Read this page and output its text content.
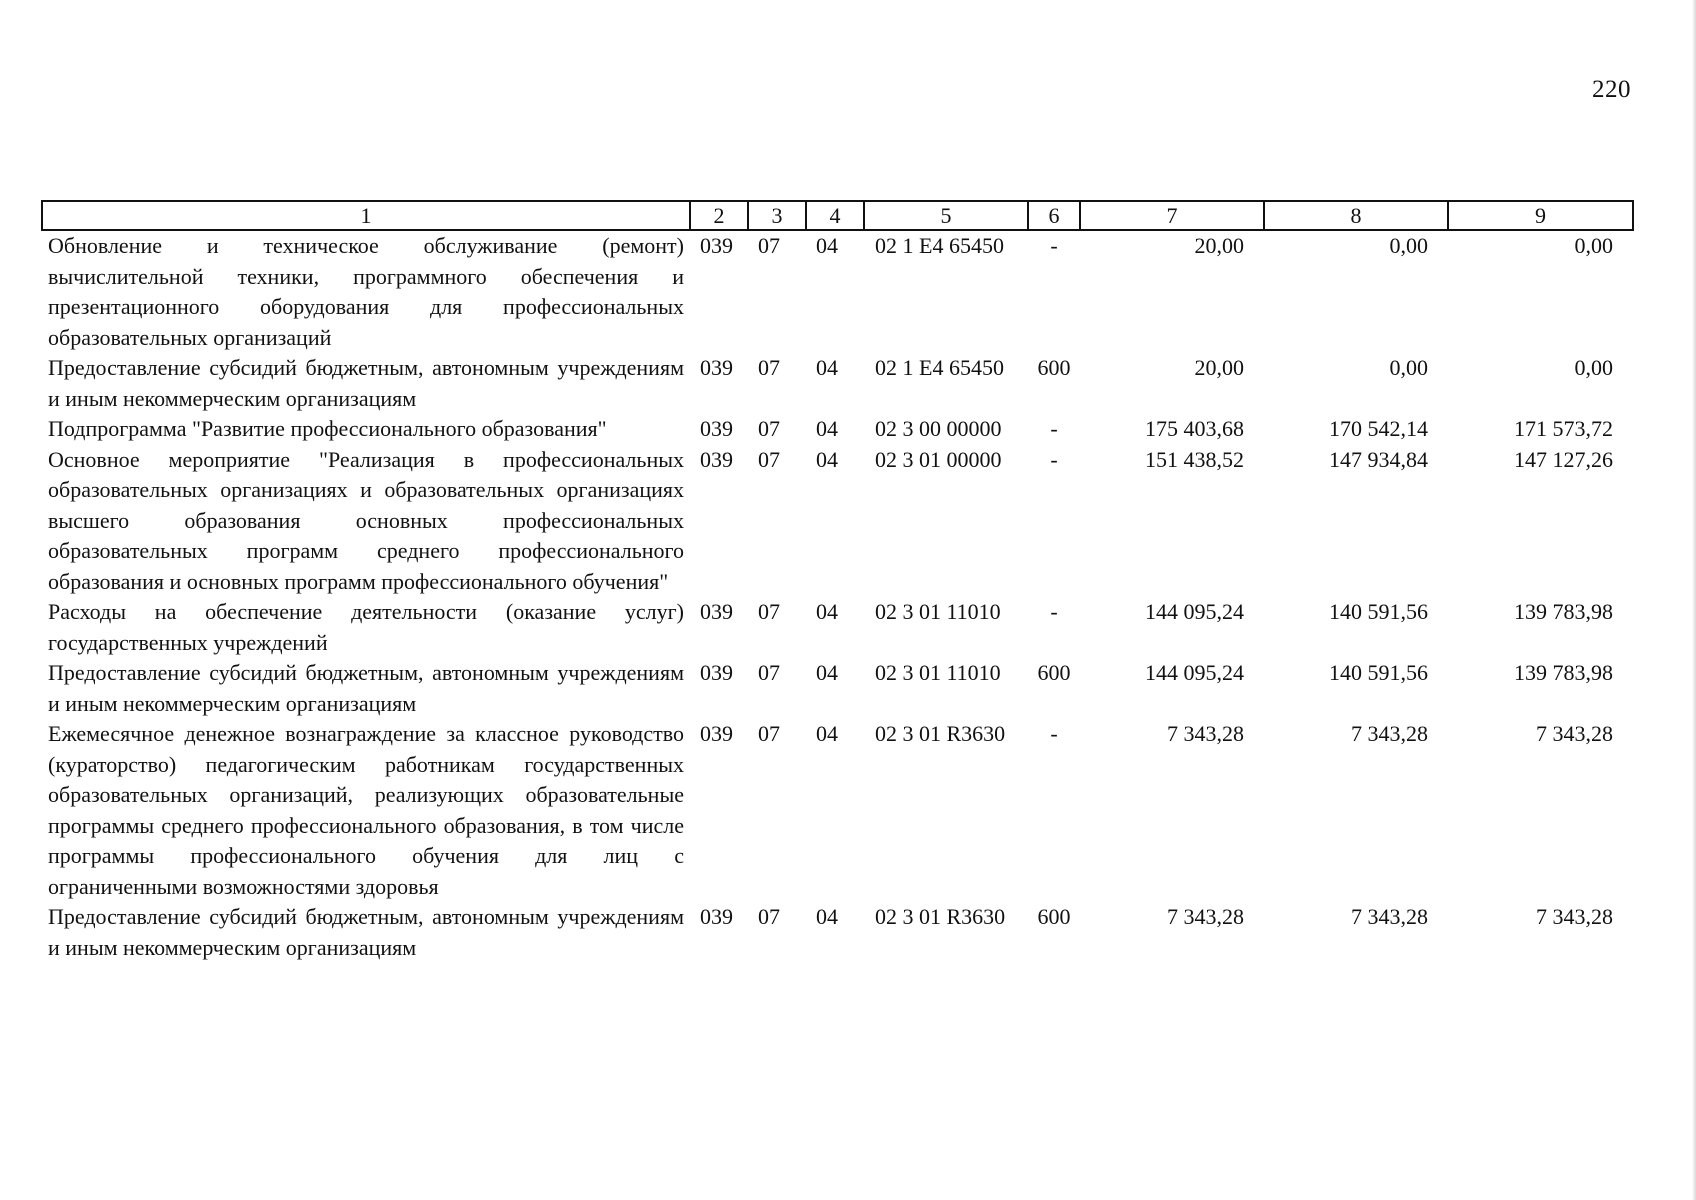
220
1	2	3	4	5	6	7	8	9
Обновление и техническое обслуживание (ремонт) вычислительной техники, программного обеспечения и презентационного оборудования для профессиональных образовательных организаций	039	07	04	02 1 E4 65450	-	20,00	0,00	0,00
Предоставление субсидий бюджетным, автономным учреждениям и иным некоммерческим организациям	039	07	04	02 1 E4 65450	600	20,00	0,00	0,00
Подпрограмма "Развитие профессионального образования"	039	07	04	02 3 00 00000	-	175 403,68	170 542,14	171 573,72
Основное мероприятие "Реализация в профессиональных образовательных организациях и образовательных организациях высшего образования основных профессиональных образовательных программ среднего профессионального образования и основных программ профессионального обучения"	039	07	04	02 3 01 00000	-	151 438,52	147 934,84	147 127,26
Расходы на обеспечение деятельности (оказание услуг) государственных учреждений	039	07	04	02 3 01 11010	-	144 095,24	140 591,56	139 783,98
Предоставление субсидий бюджетным, автономным учреждениям и иным некоммерческим организациям	039	07	04	02 3 01 11010	600	144 095,24	140 591,56	139 783,98
Ежемесячное денежное вознаграждение за классное руководство (кураторство) педагогическим работникам государственных образовательных организаций, реализующих образовательные программы среднего профессионального образования, в том числе программы профессионального обучения для лиц с ограниченными возможностями здоровья	039	07	04	02 3 01 R3630	-	7 343,28	7 343,28	7 343,28
Предоставление субсидий бюджетным, автономным учреждениям и иным некоммерческим организациям	039	07	04	02 3 01 R3630	600	7 343,28	7 343,28	7 343,28
